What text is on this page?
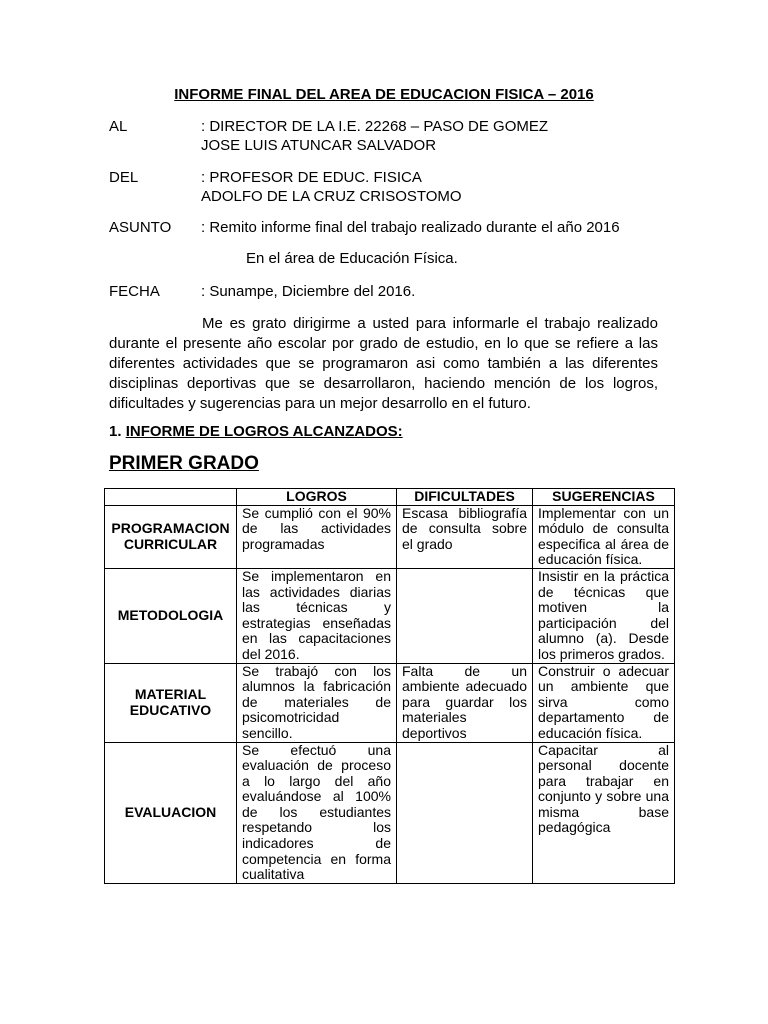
INFORME FINAL DEL AREA DE EDUCACION FISICA – 2016
AL	: DIRECTOR DE LA I.E. 22268 – PASO DE GOMEZ
JOSE LUIS ATUNCAR SALVADOR
DEL	: PROFESOR DE EDUC. FISICA
ADOLFO DE LA CRUZ CRISOSTOMO
ASUNTO : Remito informe final del trabajo realizado durante el año 2016
En el área de Educación Física.
FECHA	: Sunampe, Diciembre del 2016.
Me es grato dirigirme a usted para informarle el trabajo realizado durante el presente año escolar por grado de estudio, en lo que se refiere a las diferentes actividades que se programaron asi como también a las diferentes disciplinas deportivas que se desarrollaron, haciendo mención de los logros, dificultades y sugerencias para un mejor desarrollo en el futuro.
1. INFORME DE LOGROS ALCANZADOS:
PRIMER GRADO
	LOGROS	DIFICULTADES	SUGERENCIAS
PROGRAMACION CURRICULAR	Se cumplió con el 90% de las actividades programadas	Escasa bibliografía de consulta sobre el grado	Implementar con un módulo de consulta especifica al área de educación física.
METODOLOGIA	Se implementaron en las actividades diarias las técnicas y estrategias enseñadas en las capacitaciones del 2016.		Insistir en la práctica de técnicas que motiven la participación del alumno (a). Desde los primeros grados.
MATERIAL EDUCATIVO	Se trabajó con los alumnos la fabricación de materiales de psicomotricidad sencillo.	Falta de un ambiente adecuado para guardar los materiales deportivos	Construir o adecuar un ambiente que sirva como departamento de educación física.
EVALUACION	Se efectuó una evaluación de proceso a lo largo del año evaluándose al 100% de los estudiantes respetando los indicadores de competencia en forma cualitativa		Capacitar al personal docente para trabajar en conjunto y sobre una misma base pedagógica
